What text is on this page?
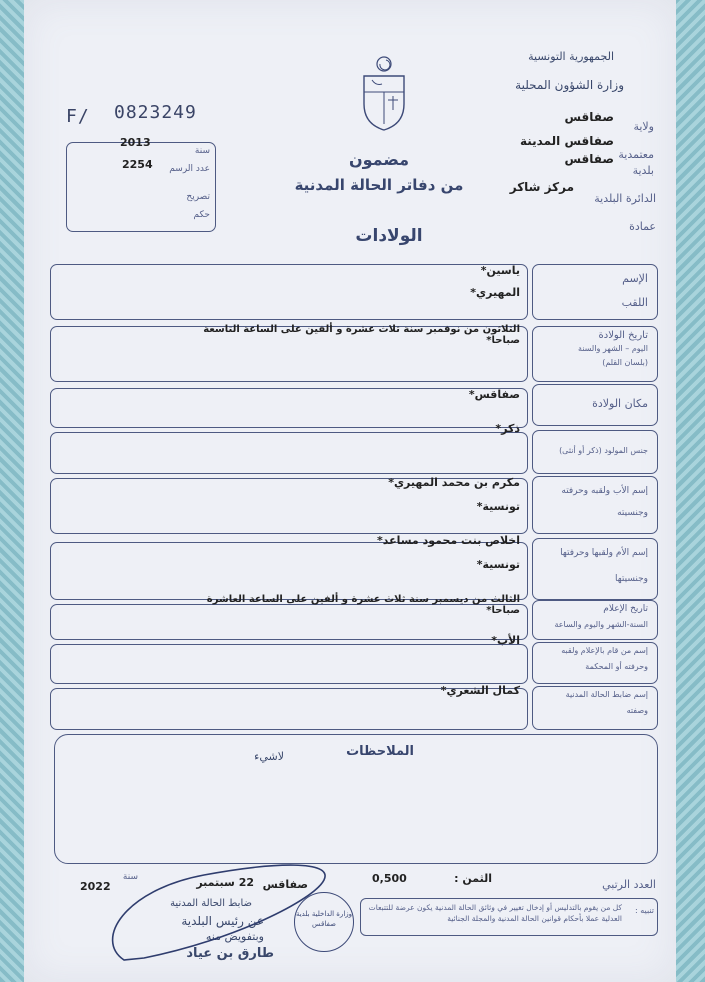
الجمهورية التونسية
وزارة الشؤون المحلية
ولاية
صفاقس
معتمدية
صفاقس المدينة
بلدية
صفاقس
الدائرة البلدية
مركز شاكر
عمادة
F/ 0823249
2013
سنة
2254	عدد الرسم
تصريح
حكم
مضمون
من دفاتر الحالة المدنية
الولادات
الإسم
اللقب
ياسين*
المهيري*
تاريخ الولادة
اليوم – الشهر والسنة
(بلسان القلم)
الثلاثون من نوفمبر سنة ثلاث عشرة و ألفين على الساعة التاسعة صباحا*
مكان الولادة
صفاقس*
جنس المولود (ذكر أو أنثى)
ذكر*
إسم الأب ولقبه وحرفته
وجنسيته
مكرم بن محمد المهيري*
تونسية*
إسم الأم ولقبها وحرفتها
وجنسيتها
اخلاص بنت محمود مساعد*
تونسية*
تاريخ الإعلام
السنة-الشهر واليوم والساعة
الثالث من ديسمبر سنة ثلاث عشرة و ألفين على الساعة العاشرة صباحا*
إسم من قام بالإعلام ولقبه
وحرفته أو المحكمة
الأب*
إسم ضابط الحالة المدنية
وصفته
كمال الشعري*
الملاحظات
لاشيء
العدد الرتبي
الثمن :
0,500
صفاقس
22 سبتمبر
سنة
2022
ضابط الحالة المدنية
عن رئيس البلدية
وبتفويض منه
طارق بن عياد
وزارة الداخلية بلدية صفاقس
تنبيه :
كل من يقوم بالتدليس أو إدخال تغيير في وثائق الحالة المدنية يكون عرضة للتتبعات العدلية عملا بأحكام قوانين الحالة المدنية والمجلة الجنائية
